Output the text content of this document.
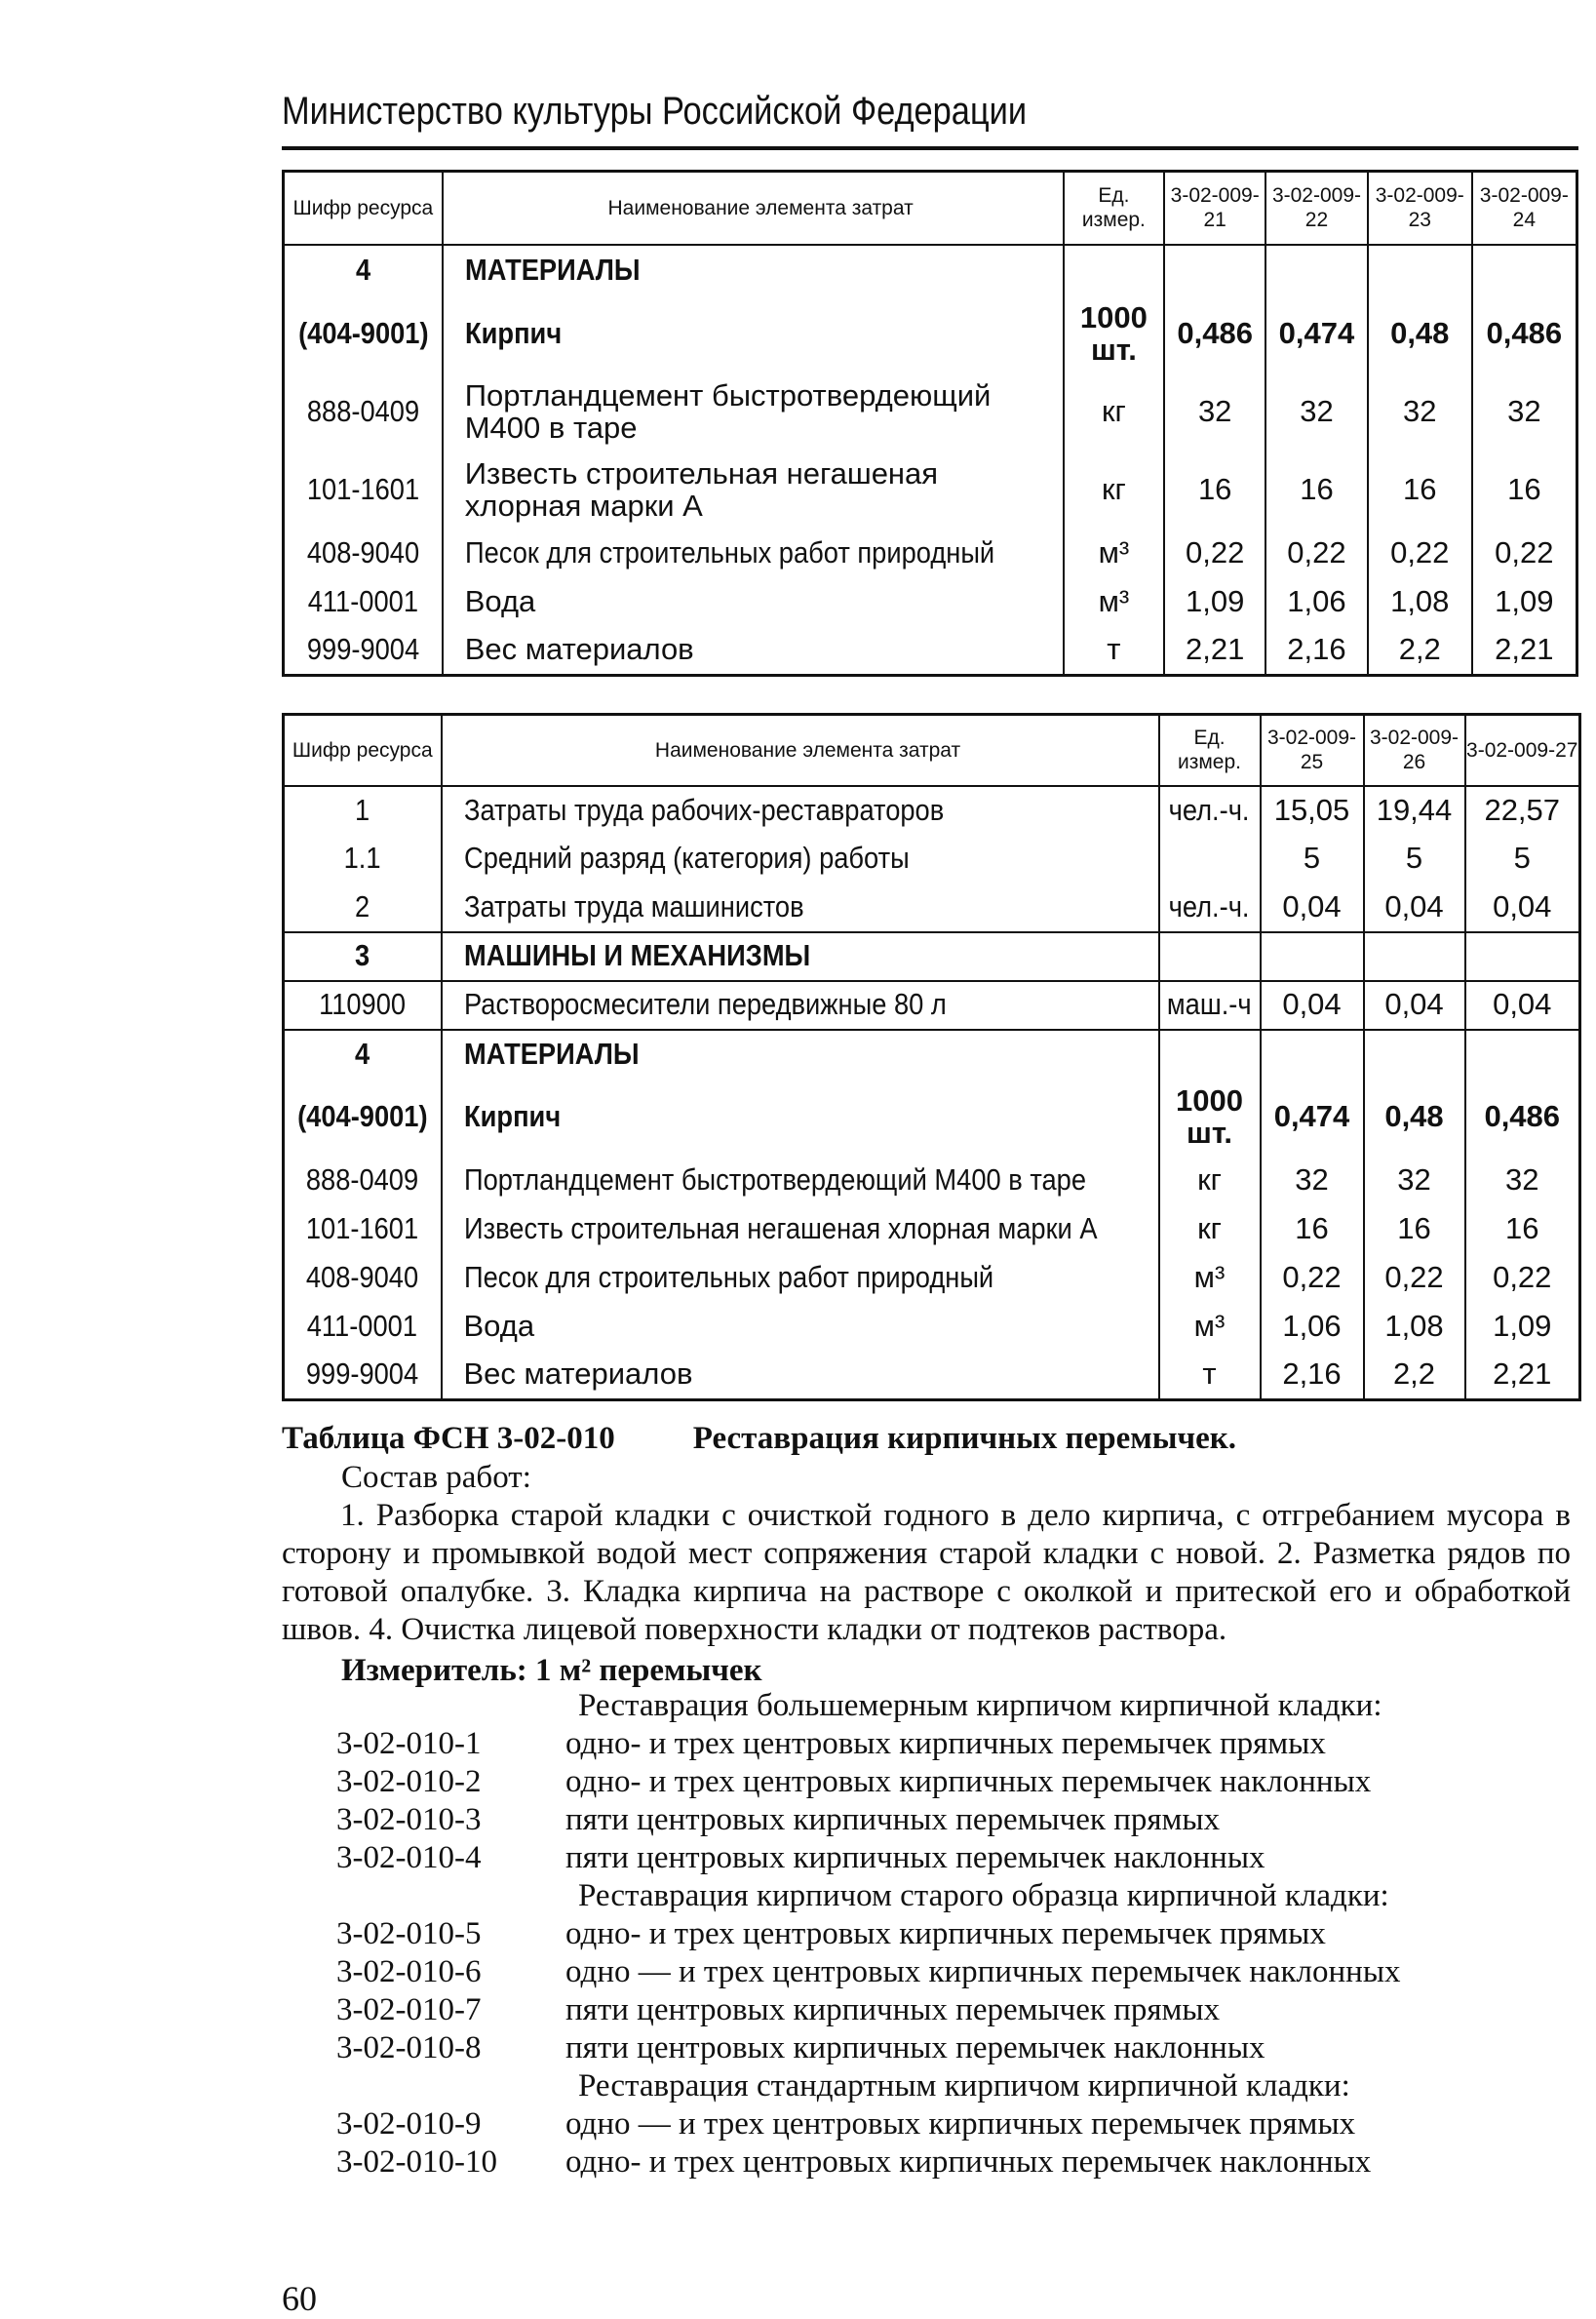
Министерство культуры Российской Федерации
Шифр ресурса	Наименование элемента затрат	Ед. измер.	3-02-009-21	3-02-009-22	3-02-009-23	3-02-009-24
4	МАТЕРИАЛЫ					
(404-9001)	Кирпич	1000 шт.	0,486	0,474	0,48	0,486
888-0409	Портландцемент быстротвердеющий М400 в таре	кг	32	32	32	32
101-1601	Известь строительная негашеная хлорная марки А	кг	16	16	16	16
408-9040	Песок для строительных работ природный	м³	0,22	0,22	0,22	0,22
411-0001	Вода	м³	1,09	1,06	1,08	1,09
999-9004	Вес материалов	т	2,21	2,16	2,2	2,21
Шифр ресурса	Наименование элемента затрат	Ед. измер.	3-02-009-25	3-02-009-26	3-02-009-27
1	Затраты труда рабочих-реставраторов	чел.-ч.	15,05	19,44	22,57
1.1	Средний разряд (категория) работы		5	5	5
2	Затраты труда машинистов	чел.-ч.	0,04	0,04	0,04
3	МАШИНЫ И МЕХАНИЗМЫ				
110900	Растворосмесители передвижные 80 л	маш.-ч	0,04	0,04	0,04
4	МАТЕРИАЛЫ				
(404-9001)	Кирпич	1000 шт.	0,474	0,48	0,486
888-0409	Портландцемент быстротвердеющий М400 в таре	кг	32	32	32
101-1601	Известь строительная негашеная хлорная марки А	кг	16	16	16
408-9040	Песок для строительных работ природный	м³	0,22	0,22	0,22
411-0001	Вода	м³	1,06	1,08	1,09
999-9004	Вес материалов	т	2,16	2,2	2,21
Таблица ФСН 3-02-010 Реставрация кирпичных перемычек.
Состав работ:
1. Разборка старой кладки с очисткой годного в дело кирпича, с отгребанием мусора в сторону и промывкой водой мест сопряжения старой кладки с новой. 2. Разметка рядов по готовой опалубке. 3. Кладка кирпича на растворе с околкой и притеской его и обработкой швов. 4. Очистка лицевой поверхности кладки от подтеков раствора.
Измеритель: 1 м² перемычек
Реставрация большемерным кирпичом кирпичной кладки:
3-02-010-1	одно- и трех центровых кирпичных перемычек прямых
3-02-010-2	одно- и трех центровых кирпичных перемычек наклонных
3-02-010-3	пяти центровых кирпичных перемычек прямых
3-02-010-4	пяти центровых кирпичных перемычек наклонных
Реставрация кирпичом старого образца кирпичной кладки:
3-02-010-5	одно- и трех центровых кирпичных перемычек прямых
3-02-010-6	одно — и трех центровых кирпичных перемычек наклонных
3-02-010-7	пяти центровых кирпичных перемычек прямых
3-02-010-8	пяти центровых кирпичных перемычек наклонных
Реставрация стандартным кирпичом кирпичной кладки:
3-02-010-9	одно — и трех центровых кирпичных перемычек прямых
3-02-010-10 одно- и трех центровых кирпичных перемычек наклонных
60
